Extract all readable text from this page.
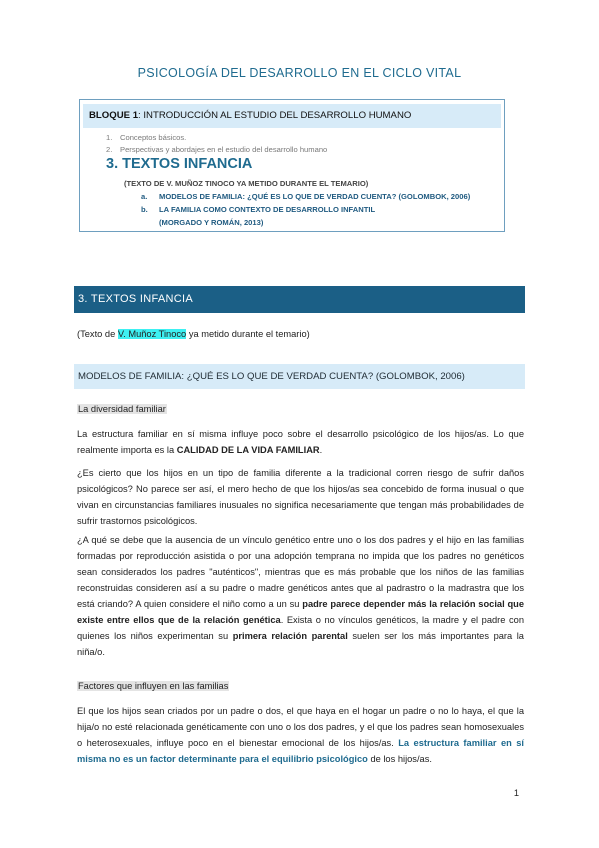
PSICOLOGÍA DEL DESARROLLO EN EL CICLO VITAL
BLOQUE 1: INTRODUCCIÓN AL ESTUDIO DEL DESARROLLO HUMANO
1. Conceptos básicos.
2. Perspectivas y abordajes en el estudio del desarrollo humano
3. TEXTOS INFANCIA
(TEXTO DE V. MUÑOZ TINOCO YA METIDO DURANTE EL TEMARIO)
a. MODELOS DE FAMILIA: ¿QUÉ ES LO QUE DE VERDAD CUENTA? (GOLOMBOK, 2006)
b. LA FAMILIA COMO CONTEXTO DE DESARROLLO INFANTIL
(MORGADO Y ROMÁN, 2013)
3. TEXTOS INFANCIA
(Texto de V. Muñoz Tinoco ya metido durante el temario)
MODELOS DE FAMILIA: ¿QUÉ ES LO QUE DE VERDAD CUENTA? (GOLOMBOK, 2006)
La diversidad familiar
La estructura familiar en sí misma influye poco sobre el desarrollo psicológico de los hijos/as. Lo que realmente importa es la CALIDAD DE LA VIDA FAMILIAR.
¿Es cierto que los hijos en un tipo de familia diferente a la tradicional corren riesgo de sufrir daños psicológicos? No parece ser así, el mero hecho de que los hijos/as sea concebido de forma inusual o que vivan en circunstancias familiares inusuales no significa necesariamente que tengan más probabilidades de sufrir trastornos psicológicos.
¿A qué se debe que la ausencia de un vínculo genético entre uno o los dos padres y el hijo en las familias formadas por reproducción asistida o por una adopción temprana no impida que los padres no genéticos sean considerados los padres "auténticos", mientras que es más probable que los niños de las familias reconstruidas consideren así a su padre o madre genéticos antes que al padrastro o la madrastra que los está criando? A quien considere el niño como a un su padre parece depender más la relación social que existe entre ellos que de la relación genética. Exista o no vínculos genéticos, la madre y el padre con quienes los niños experimentan su primera relación parental suelen ser los más importantes para la niña/o.
Factores que influyen en las familias
El que los hijos sean criados por un padre o dos, el que haya en el hogar un padre o no lo haya, el que la hija/o no esté relacionada genéticamente con uno o los dos padres, y el que los padres sean homosexuales o heterosexuales, influye poco en el bienestar emocional de los hijos/as. La estructura familiar en sí misma no es un factor determinante para el equilibrio psicológico de los hijos/as.
1
